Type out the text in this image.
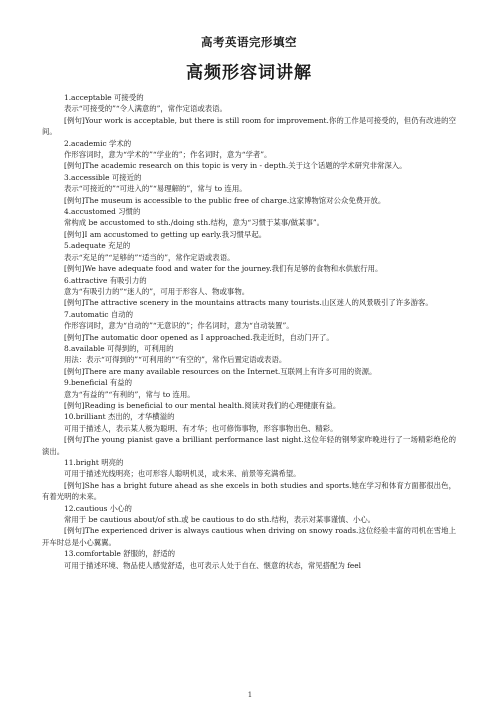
高考英语完形填空
高频形容词讲解
1.acceptable 可接受的
表示“可接受的”“令人满意的”，常作定语或表语。
[例句]Your work is acceptable, but there is still room for improvement.你的工作是可接受的，但仍有改进的空间。
2.academic 学术的
作形容词时，意为“学术的”“学业的”；作名词时，意为“学者”。
[例句]The academic research on this topic is very in - depth.关于这个话题的学术研究非常深入。
3.accessible 可接近的
表示“可接近的”“可进入的”“易理解的”，常与 to 连用。
[例句]The museum is accessible to the public free of charge.这家博物馆对公众免费开放。
4.accustomed 习惯的
常构成 be accustomed to sth./doing sth.结构，意为“习惯于某事/做某事”。
[例句]I am accustomed to getting up early.我习惯早起。
5.adequate 充足的
表示“充足的”“足够的”“适当的”，常作定语或表语。
[例句]We have adequate food and water for the journey.我们有足够的食物和水供旅行用。
6.attractive 有吸引力的
意为“有吸引力的”“迷人的”，可用于形容人、物或事物。
[例句]The attractive scenery in the mountains attracts many tourists.山区迷人的风景吸引了许多游客。
7.automatic 自动的
作形容词时，意为“自动的”“无意识的”；作名词时，意为“自动装置”。
[例句]The automatic door opened as I approached.我走近时，自动门开了。
8.available 可得到的，可利用的
用法：表示“可得到的”“可利用的”“有空的”，常作后置定语或表语。
[例句]There are many available resources on the Internet.互联网上有许多可用的资源。
9.beneficial 有益的
意为“有益的”“有利的”，常与 to 连用。
[例句]Reading is beneficial to our mental health.阅读对我们的心理健康有益。
10.brilliant 杰出的，才华横溢的
可用于描述人，表示某人极为聪明、有才华；也可修饰事物，形容事物出色、精彩。
[例句]The young pianist gave a brilliant performance last night.这位年轻的钢琴家昨晚进行了一场精彩绝伦的演出。
11.bright 明亮的
可用于描述光线明亮；也可形容人聪明机灵，或未来、前景等充满希望。
[例句]She has a bright future ahead as she excels in both studies and sports.她在学习和体育方面都很出色，有着光明的未来。
12.cautious 小心的
常用于 be cautious about/of sth.或 be cautious to do sth.结构，表示对某事谨慎、小心。
[例句]The experienced driver is always cautious when driving on snowy roads.这位经验丰富的司机在雪地上开车时总是小心翼翼。
13.comfortable 舒服的，舒适的
可用于描述环境、物品使人感觉舒适，也可表示人处于自在、惬意的状态，常见搭配为 feel
1
